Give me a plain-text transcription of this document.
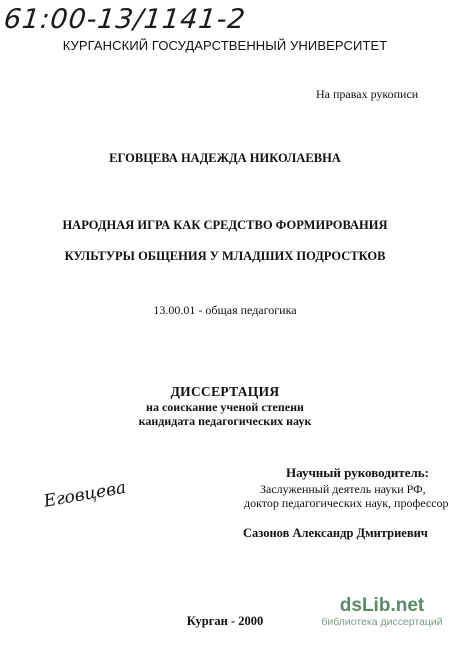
61:00-13/1141-2
КУРГАНСКИЙ ГОСУДАРСТВЕННЫЙ УНИВЕРСИТЕТ
На правах рукописи
ЕГОВЦЕВА НАДЕЖДА НИКОЛАЕВНА
НАРОДНАЯ ИГРА КАК СРЕДСТВО ФОРМИРОВАНИЯ
КУЛЬТУРЫ ОБЩЕНИЯ У МЛАДШИХ ПОДРОСТКОВ
13.00.01 - общая педагогика
ДИССЕРТАЦИЯ
на соискание ученой степени
кандидата педагогических наук
Еговцева
Научный руководитель:
Заслуженный деятель науки РФ,
доктор педагогических наук, профессор
Сазонов Александр Дмитриевич
Курган - 2000
dsLib.net
библиотека диссертаций
